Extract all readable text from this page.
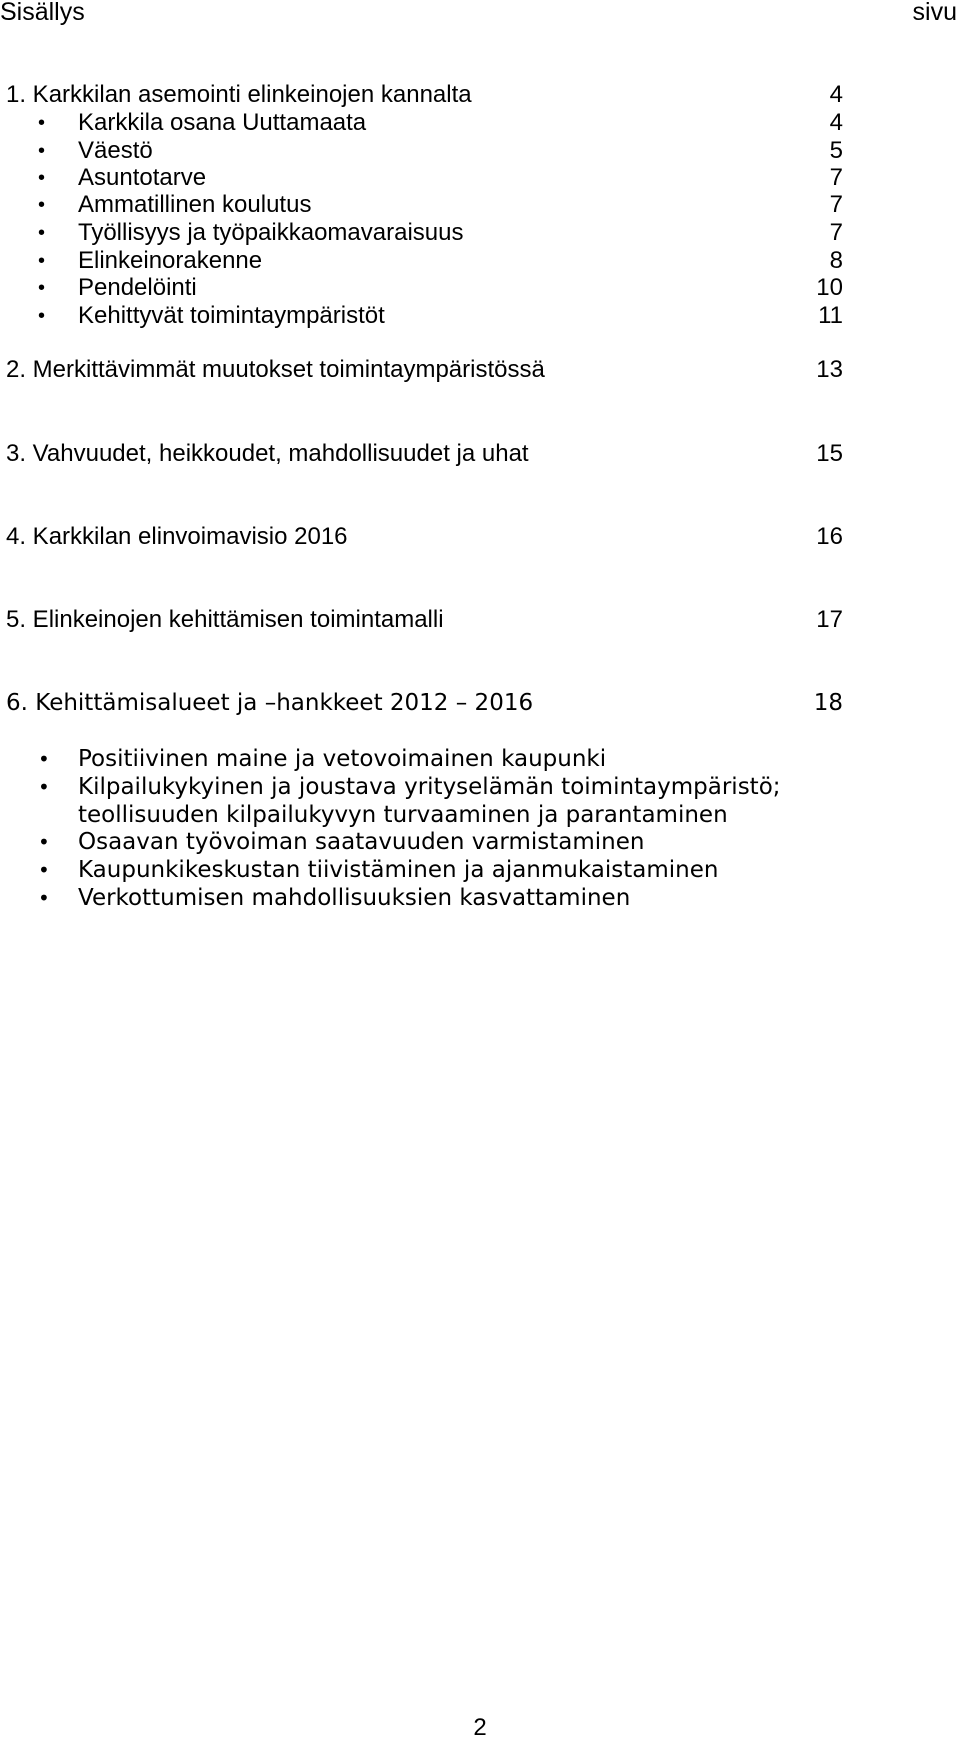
Sisällys	sivu
1. Karkkilan asemointi elinkeinojen kannalta	4
• Karkkila osana Uuttamaata	4
• Väestö	5
• Asuntotarve	7
• Ammatillinen koulutus	7
• Työllisyys ja työpaikkaomavaraisuus	7
• Elinkeinorakenne	8
• Pendelöinti	10
• Kehittyvät toimintaympäristöt	11
2. Merkittävimmät muutokset toimintaympäristössä	13
3. Vahvuudet, heikkoudet, mahdollisuudet ja uhat	15
4. Karkkilan elinvoimavisio 2016	16
5. Elinkeinojen kehittämisen toimintamalli	17
6. Kehittämisalueet ja –hankkeet 2012 – 2016	18
• Positiivinen maine ja vetovoimainen kaupunki
• Kilpailukykyinen ja joustava yrityselämän toimintaympäristö;
teollisuuden kilpailukyvyn turvaaminen ja parantaminen
• Osaavan työvoiman saatavuuden varmistaminen
• Kaupunkikeskustan tiivistäminen ja ajanmukaistaminen
• Verkottumisen mahdollisuuksien kasvattaminen
2
